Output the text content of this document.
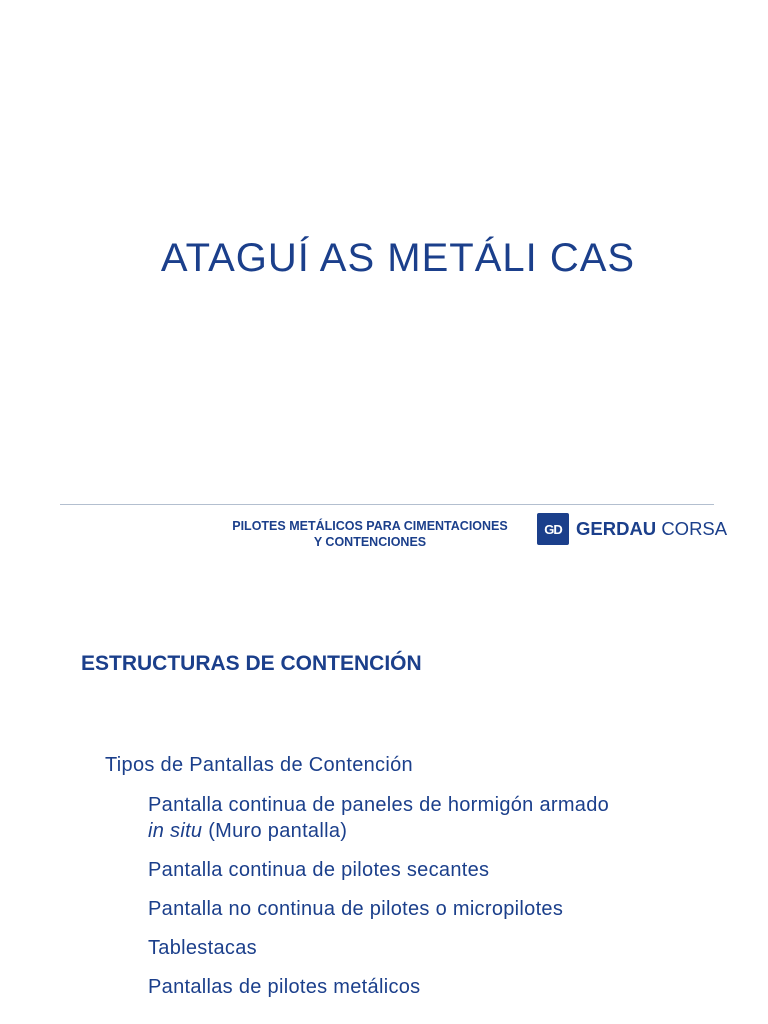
ATAGUÍ AS METÁLI CAS
PILOTES METÁLICOS PARA CIMENTACIONES
Y CONTENCIONES
GD GERDAU CORSA
ESTRUCTURAS DE CONTENCIÓN
Tipos de Pantallas de Contención
Pantalla continua de paneles de hormigón armado
in situ (Muro pantalla)
Pantalla continua de pilotes secantes
Pantalla no continua de pilotes o micropilotes
Tablestacas
Pantallas de pilotes metálicos
